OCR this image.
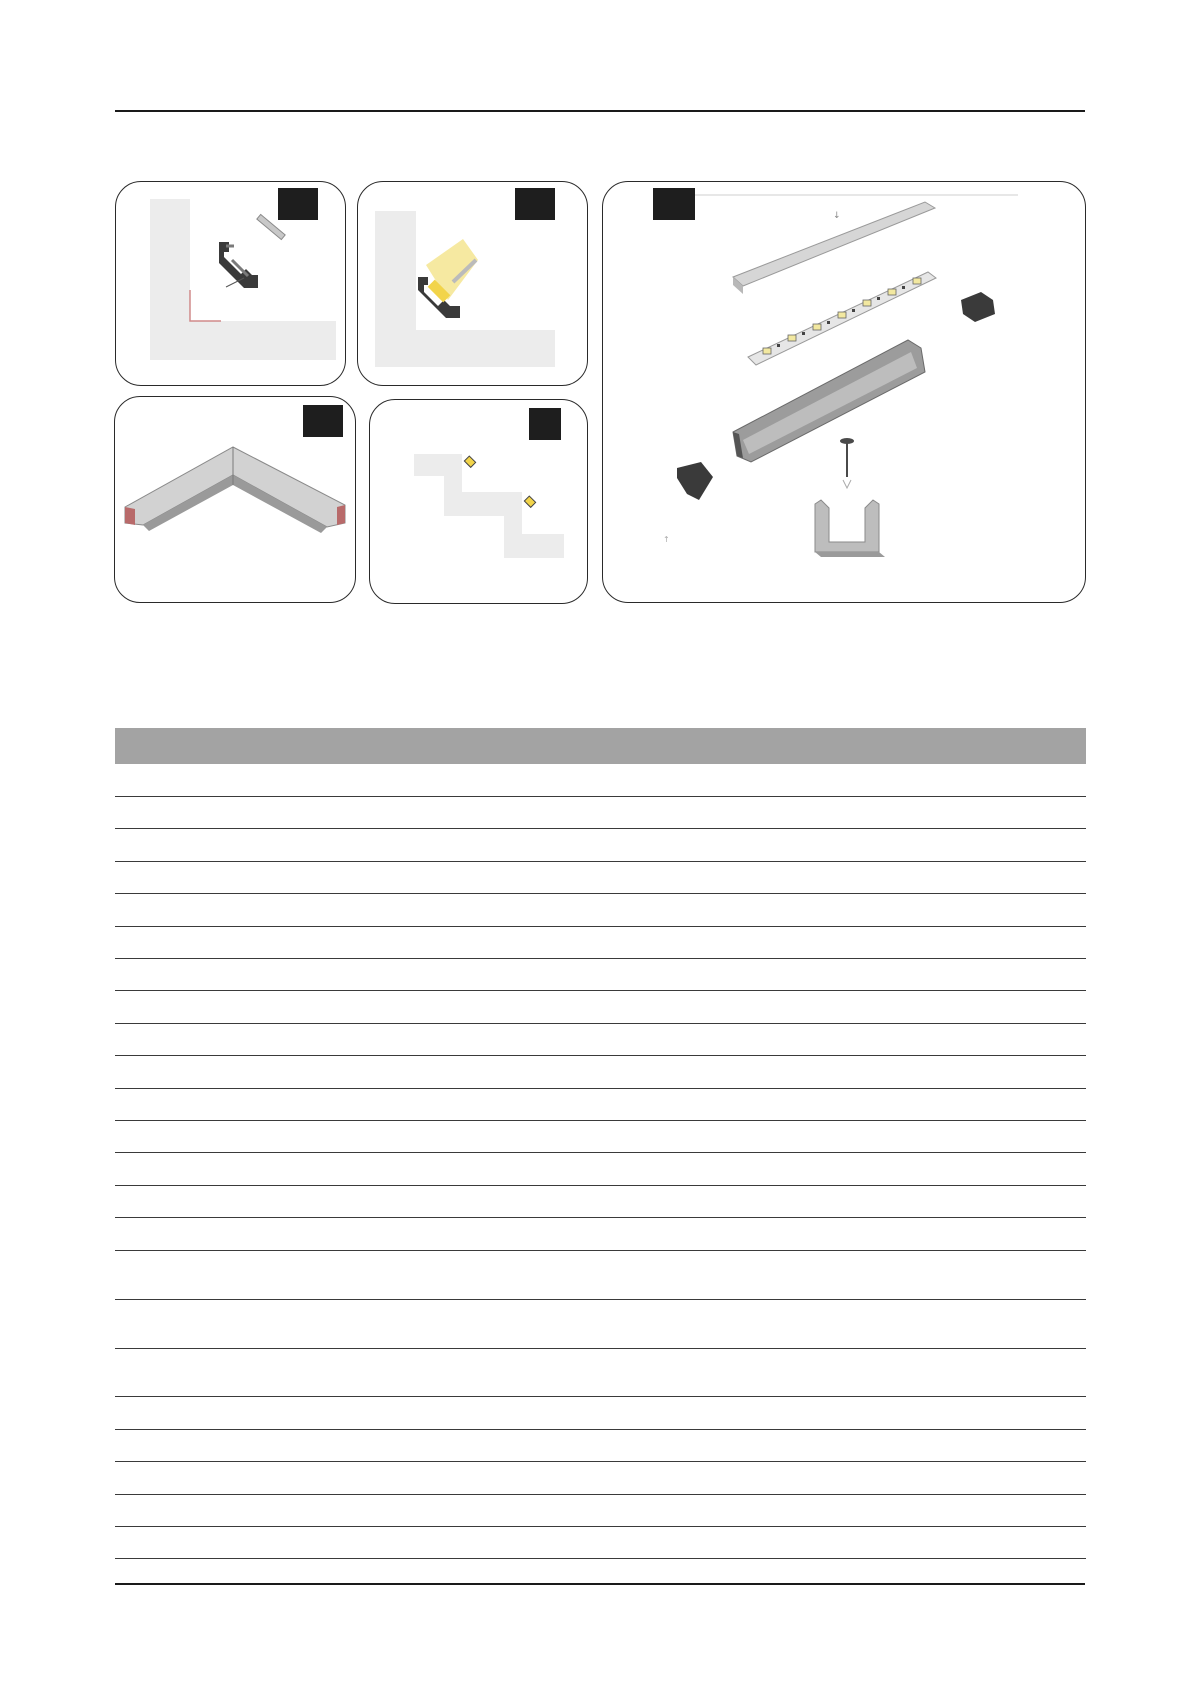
↓
↑
